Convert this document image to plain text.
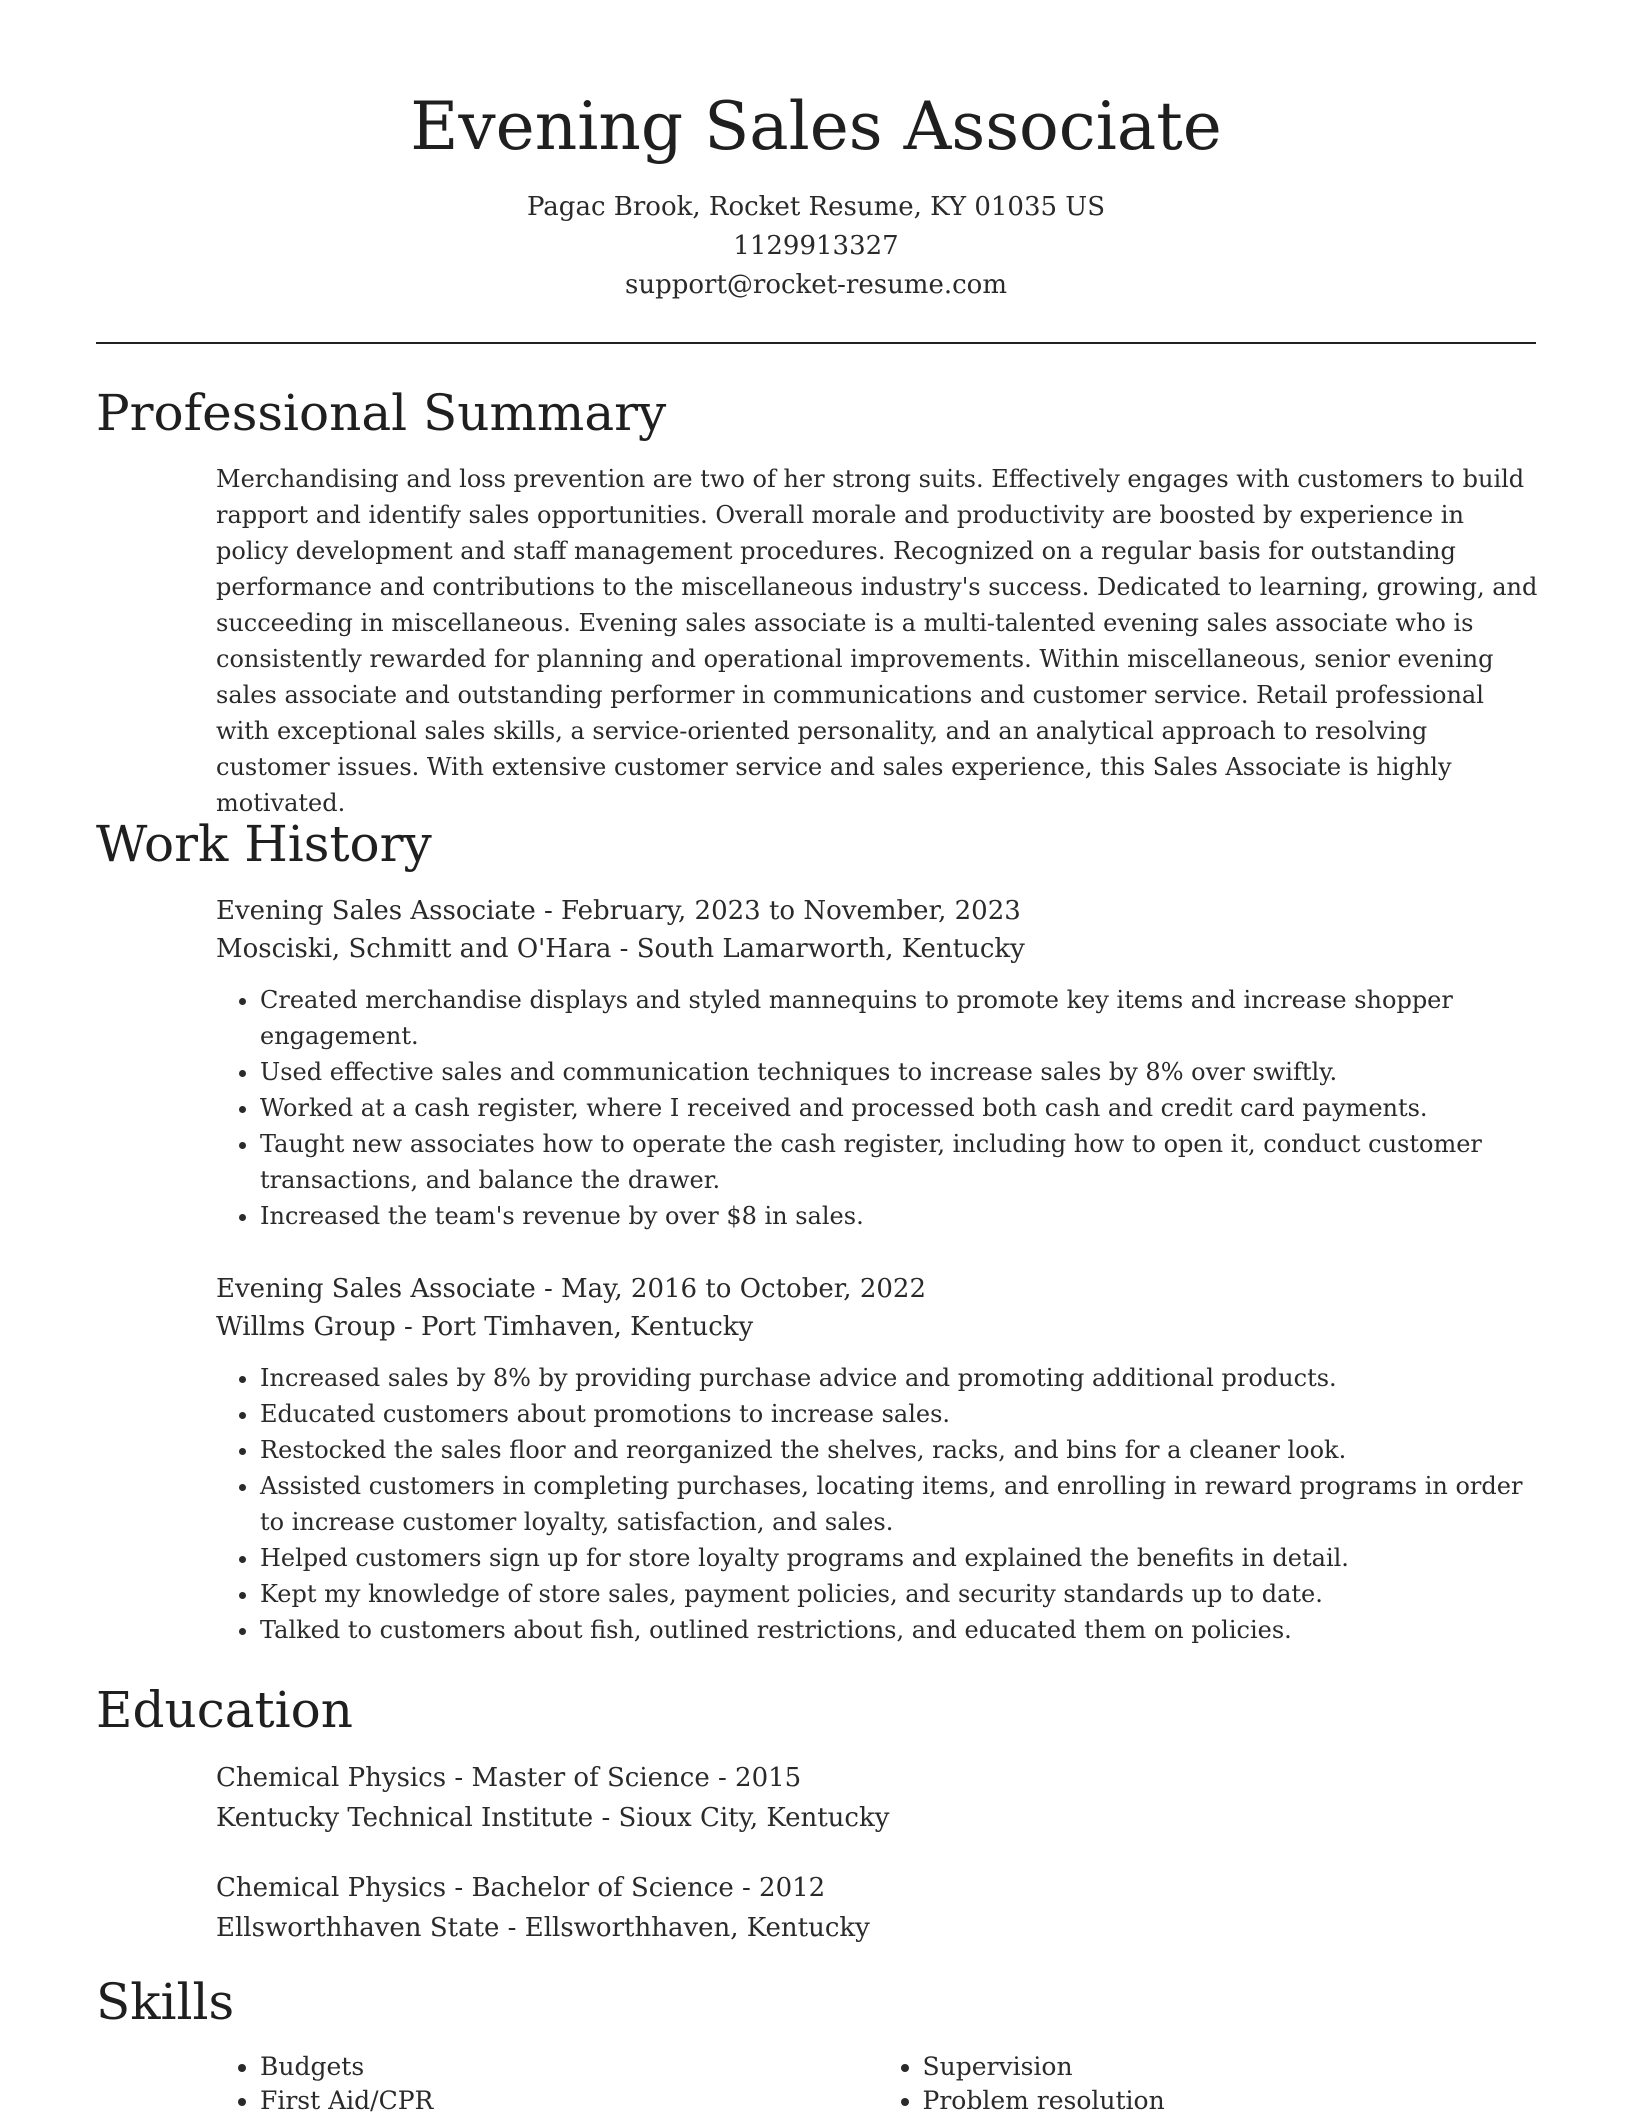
Evening Sales Associate
Pagac Brook, Rocket Resume, KY 01035 US
1129913327
support@rocket-resume.com
Professional Summary

Merchandising and loss prevention are two of her strong suits. Effectively engages with customers to build rapport and identify sales opportunities. Overall morale and productivity are boosted by experience in policy development and staff management procedures. Recognized on a regular basis for outstanding performance and contributions to the miscellaneous industry's success. Dedicated to learning, growing, and succeeding in miscellaneous. Evening sales associate is a multi-talented evening sales associate who is consistently rewarded for planning and operational improvements. Within miscellaneous, senior evening sales associate and outstanding performer in communications and customer service. Retail professional with exceptional sales skills, a service-oriented personality, and an analytical approach to resolving customer issues. With extensive customer service and sales experience, this Sales Associate is highly motivated.

Work History

Evening Sales Associate - February, 2023 to November, 2023

Mosciski, Schmitt and O'Hara - South Lamarworth, Kentucky

• Created merchandise displays and styled mannequins to promote key items and increase shopper engagement.
• Used effective sales and communication techniques to increase sales by 8% over swiftly.
• Worked at a cash register, where I received and processed both cash and credit card payments.
• Taught new associates how to operate the cash register, including how to open it, conduct customer transactions, and balance the drawer.
• Increased the team's revenue by over $8 in sales.

Evening Sales Associate - May, 2016 to October, 2022

Willms Group - Port Timhaven, Kentucky

• Increased sales by 8% by providing purchase advice and promoting additional products.
• Educated customers about promotions to increase sales.
• Restocked the sales floor and reorganized the shelves, racks, and bins for a cleaner look.
• Assisted customers in completing purchases, locating items, and enrolling in reward programs in order to increase customer loyalty, satisfaction, and sales.
• Helped customers sign up for store loyalty programs and explained the benefits in detail.
• Kept my knowledge of store sales, payment policies, and security standards up to date.
• Talked to customers about fish, outlined restrictions, and educated them on policies.
Education

Chemical Physics - Master of Science - 2015

Kentucky Technical Institute - Sioux City, Kentucky

Chemical Physics - Bachelor of Science - 2012

Ellsworthhaven State - Ellsworthhaven, Kentucky

Skills
• Budgets
• First Aid/CPR
• Supervision
• Problem resolution
